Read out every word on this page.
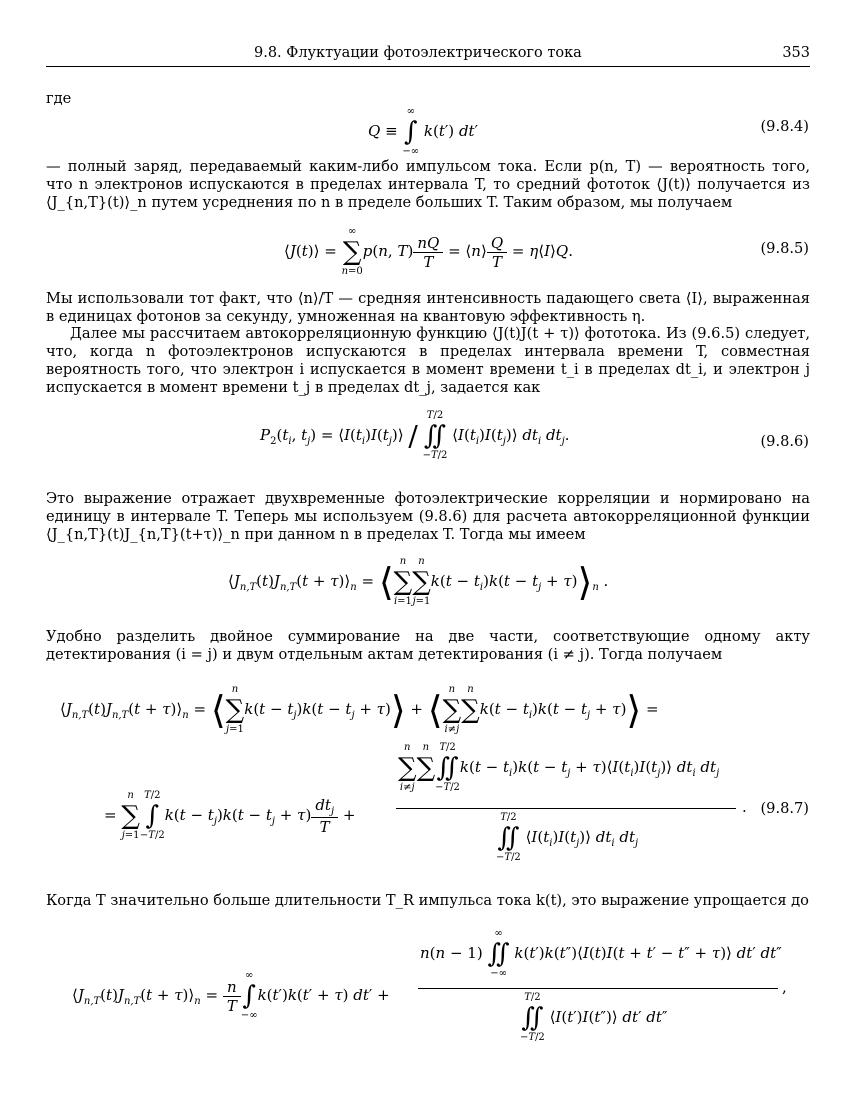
9.8. Флуктуации фотоэлектрического тока	353
где
Q ≡
∞
∫
−∞
k(t′) dt′	(9.8.4)
— полный заряд, передаваемый каким-либо импульсом тока. Если p(n, T) — вероятность того, что n электронов испускаются в пределах интервала T, то средний фототок ⟨J(t)⟩ получается из ⟨J_{n,T}(t)⟩_n путем усреднения по n в пределе больших T. Таким образом, мы получаем
⟨J(t)⟩ =
∞
∑
n=0
p(n, $T) \frac{nQ}{T}$ = ⟨n⟩ $\frac{Q}{T}$ = η⟨I⟩Q.	(9.8.5)
Мы использовали тот факт, что ⟨n⟩/T — средняя интенсивность падающего света ⟨I⟩, выраженная в единицах фотонов за секунду, умноженная на квантовую эффективность η.
Далее мы рассчитаем автокорреляционную функцию ⟨J(t)J(t + τ)⟩ фототока. Из (9.6.5) следует, что, когда n фотоэлектронов испускаются в пределах интервала времени T, совместная вероятность того, что электрон i испускается в момент времени t_i в пределах dt_i, и электрон j испускается в момент времени t_j в пределах dt_j, задается как
$P_2(t_i$, $t_j$) = $⟨I(t_i)I(t_j)⟩$ /
T/2
∬
−T/2
$⟨I(t_i)I(t_j)⟩$ $dt_i$ $dt_j$.	(9.8.6)
Это выражение отражает двухвременные фотоэлектрические корреляции и нормировано на единицу в интервале T. Теперь мы используем (9.8.6) для расчета автокорреляционной функции ⟨J_{n,T}(t)J_{n,T}(t+τ)⟩_n при данном n в пределах T. Тогда мы имеем
$⟨J_{n,T}(t)J_{n,T}(t$ + $\tau)⟩_n$ = ⟨ n
∑
i=1
n
∑
j=1
$k(t - t_i)k(t - t_j$ + $\tau)⟩_n$ .
Удобно разделить двойное суммирование на две части, соответствующие одному акту детектирования (i = j) и двум отдельным актам детектирования (i ≠ j). Тогда получаем
$⟨J_{n,T}(t)J_{n,T}(t$ + $\tau)⟩_n$ = ⟨ n
∑
j=1
$k(t - t_j)k(t - t_j$ + τ)⟩ + ⟨ n
∑
i≠j
n
∑
$k(t - t_i)k(t - t_j$ + τ)⟩ =
=
n
∑
j=1
T/2
∫
−T/2
$k(t - t_j)k(t - t_j + \tau) \frac{dt_j}{T}$ +
n
∑
i≠j
n
∑

T/2
∬
−T/2
$k(t - t_i)k(t - t_j$ + $\tau)⟨I(t_i)I(t_j)⟩$ $dt_i$ $dt_j$
.
T/2
∬
−T/2
$⟨I(t_i)I(t_j)⟩$ $dt_i$ $dt_j$
(9.8.7)
Когда T значительно больше длительности T_R импульса тока k(t), это выражение упрощается до
$⟨J_{n,T}(t)J_{n,T}(t$ + $\tau)⟩_n = \frac{n}{T}$
∞
∫
−∞
k(t′)k(t′ + τ) dt′ +
n(n − 1)
∞
∬
−∞
k(t′)k(t″)⟨I(t)I(t + t′ − t″ + τ)⟩ dt′ dt″
,
T/2
∬
−T/2
⟨I(t′)I(t″)⟩ dt′ dt″
